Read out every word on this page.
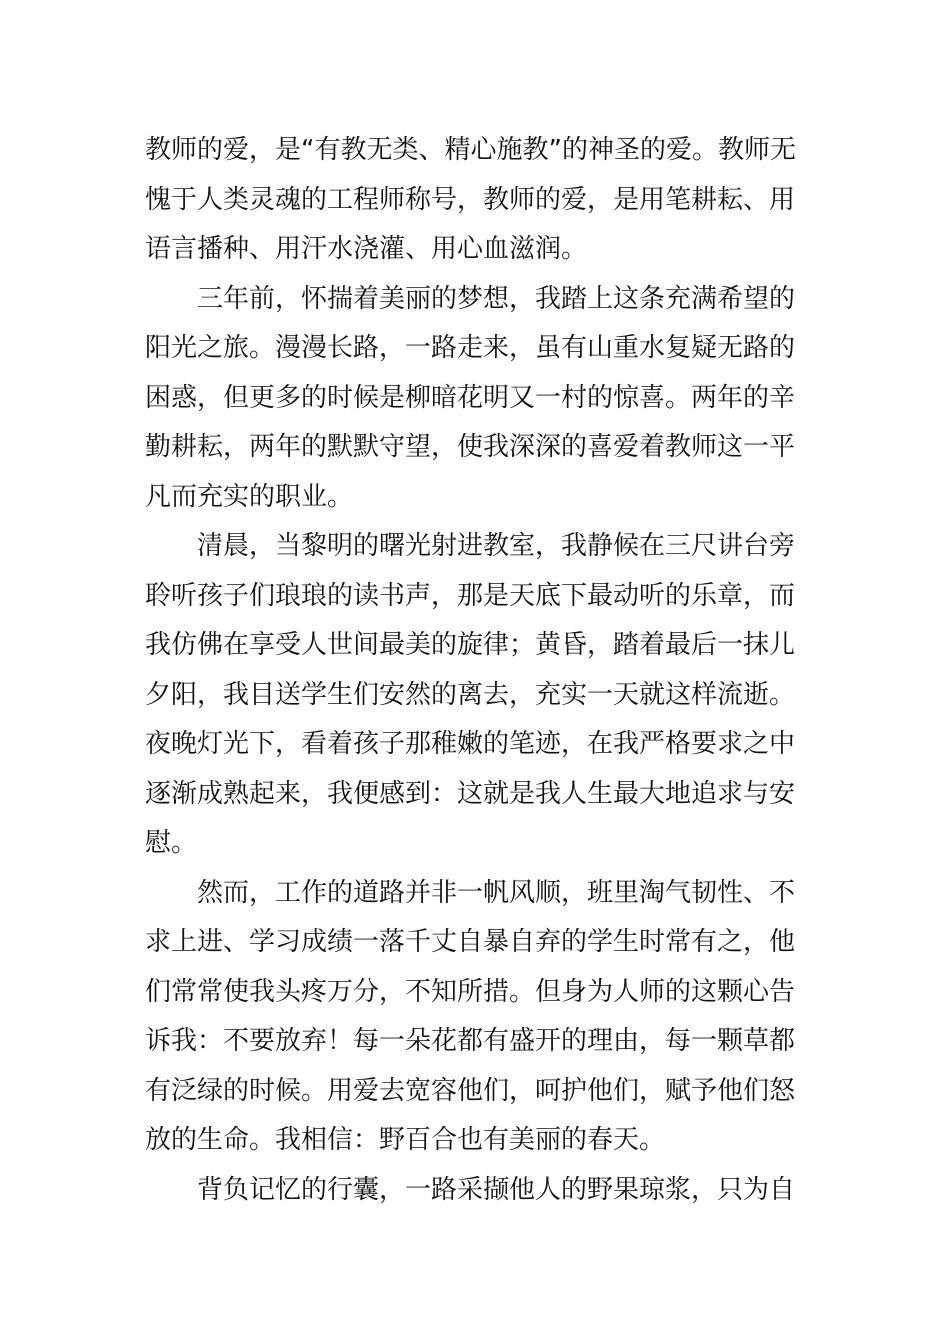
教师的爱，是“有教无类、精心施教”的神圣的爱。教师无愧于人类灵魂的工程师称号，教师的爱，是用笔耕耘、用语言播种、用汗水浇灌、用心血滋润。

三年前，怀揣着美丽的梦想，我踏上这条充满希望的阳光之旅。漫漫长路，一路走来，虽有山重水复疑无路的困惑，但更多的时候是柳暗花明又一村的惊喜。两年的辛勤耕耘，两年的默默守望，使我深深的喜爱着教师这一平凡而充实的职业。

清晨，当黎明的曙光射进教室，我静候在三尺讲台旁聆听孩子们琅琅的读书声，那是天底下最动听的乐章，而我仿佛在享受人世间最美的旋律；黄昏，踏着最后一抹儿夕阳，我目送学生们安然的离去，充实一天就这样流逝。夜晚灯光下，看着孩子那稚嫩的笔迹，在我严格要求之中逐渐成熟起来，我便感到：这就是我人生最大地追求与安慰。

然而，工作的道路并非一帆风顺，班里淘气韧性、不求上进、学习成绩一落千丈自暴自弃的学生时常有之，他们常常使我头疼万分，不知所措。但身为人师的这颗心告诉我：不要放弃！每一朵花都有盛开的理由，每一颗草都有泛绿的时候。用爱去宽容他们，呵护他们，赋予他们怒放的生命。我相信：野百合也有美丽的春天。

背负记忆的行囊，一路采撷他人的野果琼浆，只为自
